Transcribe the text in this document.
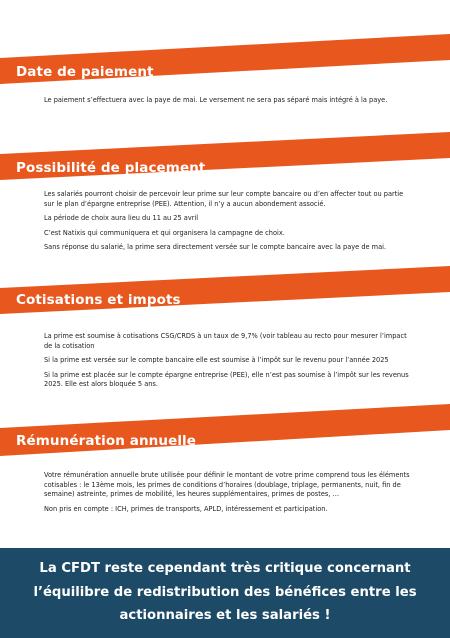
Date de paiement

Le paiement s’effectuera avec la paye de mai. Le versement ne sera pas séparé mais intégré à la paye.

Possibilité de placement

Les salariés pourront choisir de percevoir leur prime sur leur compte bancaire ou d’en affecter tout ou partie sur le plan d’épargne entreprise (PEE). Attention, il n’y a aucun abondement associé.

La période de choix aura lieu du 11 au 25 avril

C’est Natixis qui communiquera et qui organisera la campagne de choix.

Sans réponse du salarié, la prime sera directement versée sur le compte bancaire avec la paye de mai.

Cotisations et impots

La prime est soumise à cotisations CSG/CRDS à un taux de 9,7% (voir tableau au recto pour mesurer l’impact de la cotisation

Si la prime est versée sur le compte bancaire elle est soumise à l’impôt sur le revenu pour l’année 2025

Si la prime est placée sur le compte épargne entreprise (PEE), elle n’est pas soumise à l’impôt sur les revenus 2025. Elle est alors bloquée 5 ans.

Rémunération annuelle

Votre rémunération annuelle brute utilisée pour définir le montant de votre prime comprend tous les éléments cotisables : le 13ème mois, les primes de conditions d’horaires (doublage, triplage, permanents, nuit, fin de semaine) astreinte, primes de mobilité, les heures supplémentaires, primes de postes, …

Non pris en compte : ICH, primes de transports, APLD, intéressement et participation.

La CFDT reste cependant très critique concernant
l’équilibre de redistribution des bénéfices entre les
actionnaires et les salariés !
